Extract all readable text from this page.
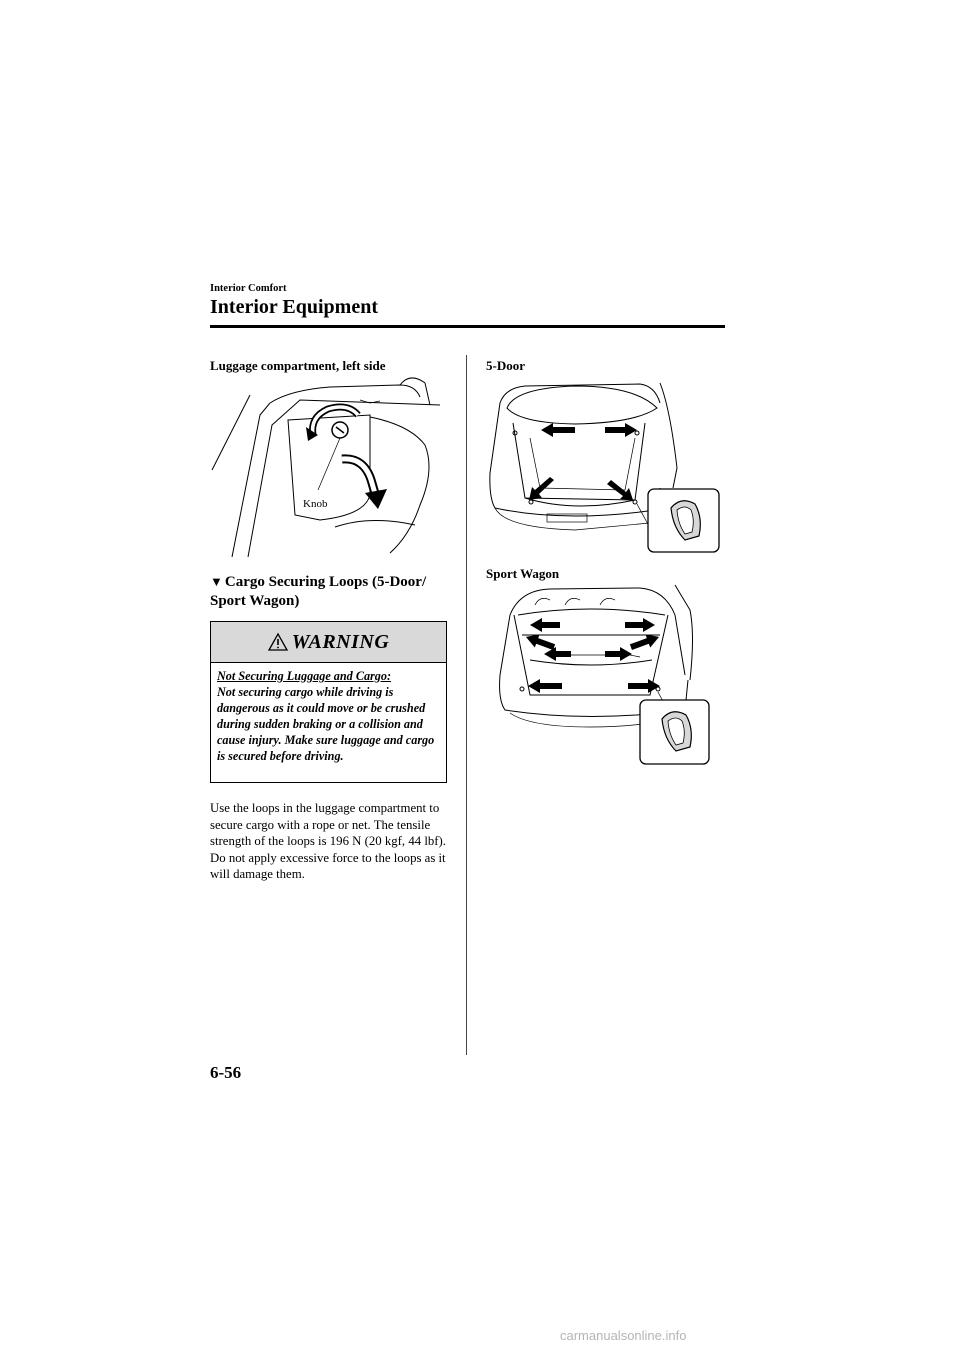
Interior Comfort
Interior Equipment
Luggage compartment, left side
Knob
▼ Cargo Securing Loops (5-Door/ Sport Wagon)
WARNING
Not Securing Luggage and Cargo:
Not securing cargo while driving is dangerous as it could move or be crushed during sudden braking or a collision and cause injury. Make sure luggage and cargo is secured before driving.
Use the loops in the luggage compartment to secure cargo with a rope or net. The tensile strength of the loops is 196 N (20 kgf, 44 lbf). Do not apply excessive force to the loops as it will damage them.
5-Door
Sport Wagon
6-56
carmanualsonline.info
